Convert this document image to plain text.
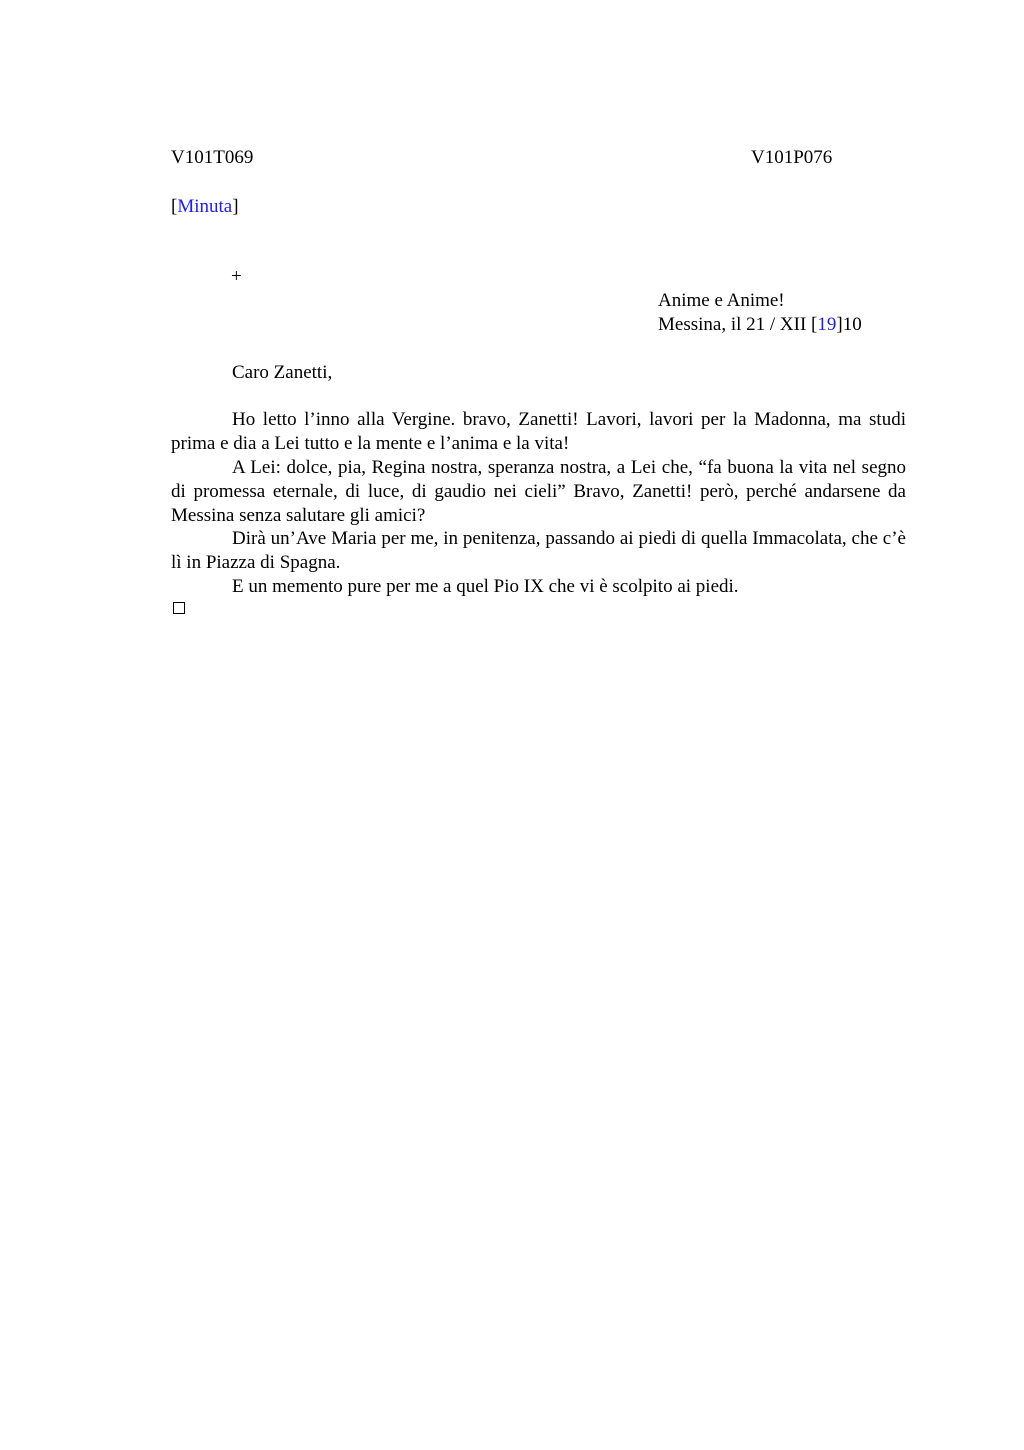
V101T069	V101P076
[Minuta]
+
Anime e Anime!
Messina, il 21 / XII [19]10
Caro Zanetti,
Ho letto l’inno alla Vergine. bravo, Zanetti! Lavori, lavori per la Madonna, ma studi prima e dia a Lei tutto e la mente e l’anima e la vita!
A Lei: dolce, pia, Regina nostra, speranza nostra, a Lei che, “fa buona la vita nel segno di promessa eternale, di luce, di gaudio nei cieli” Bravo, Zanetti! però, perché andarsene da Messina senza salutare gli amici?
Dirà un’Ave Maria per me, in penitenza, passando ai piedi di quella Immacolata, che c’è lì in Piazza di Spagna.
E un memento pure per me a quel Pio IX che vi è scolpito ai piedi.
